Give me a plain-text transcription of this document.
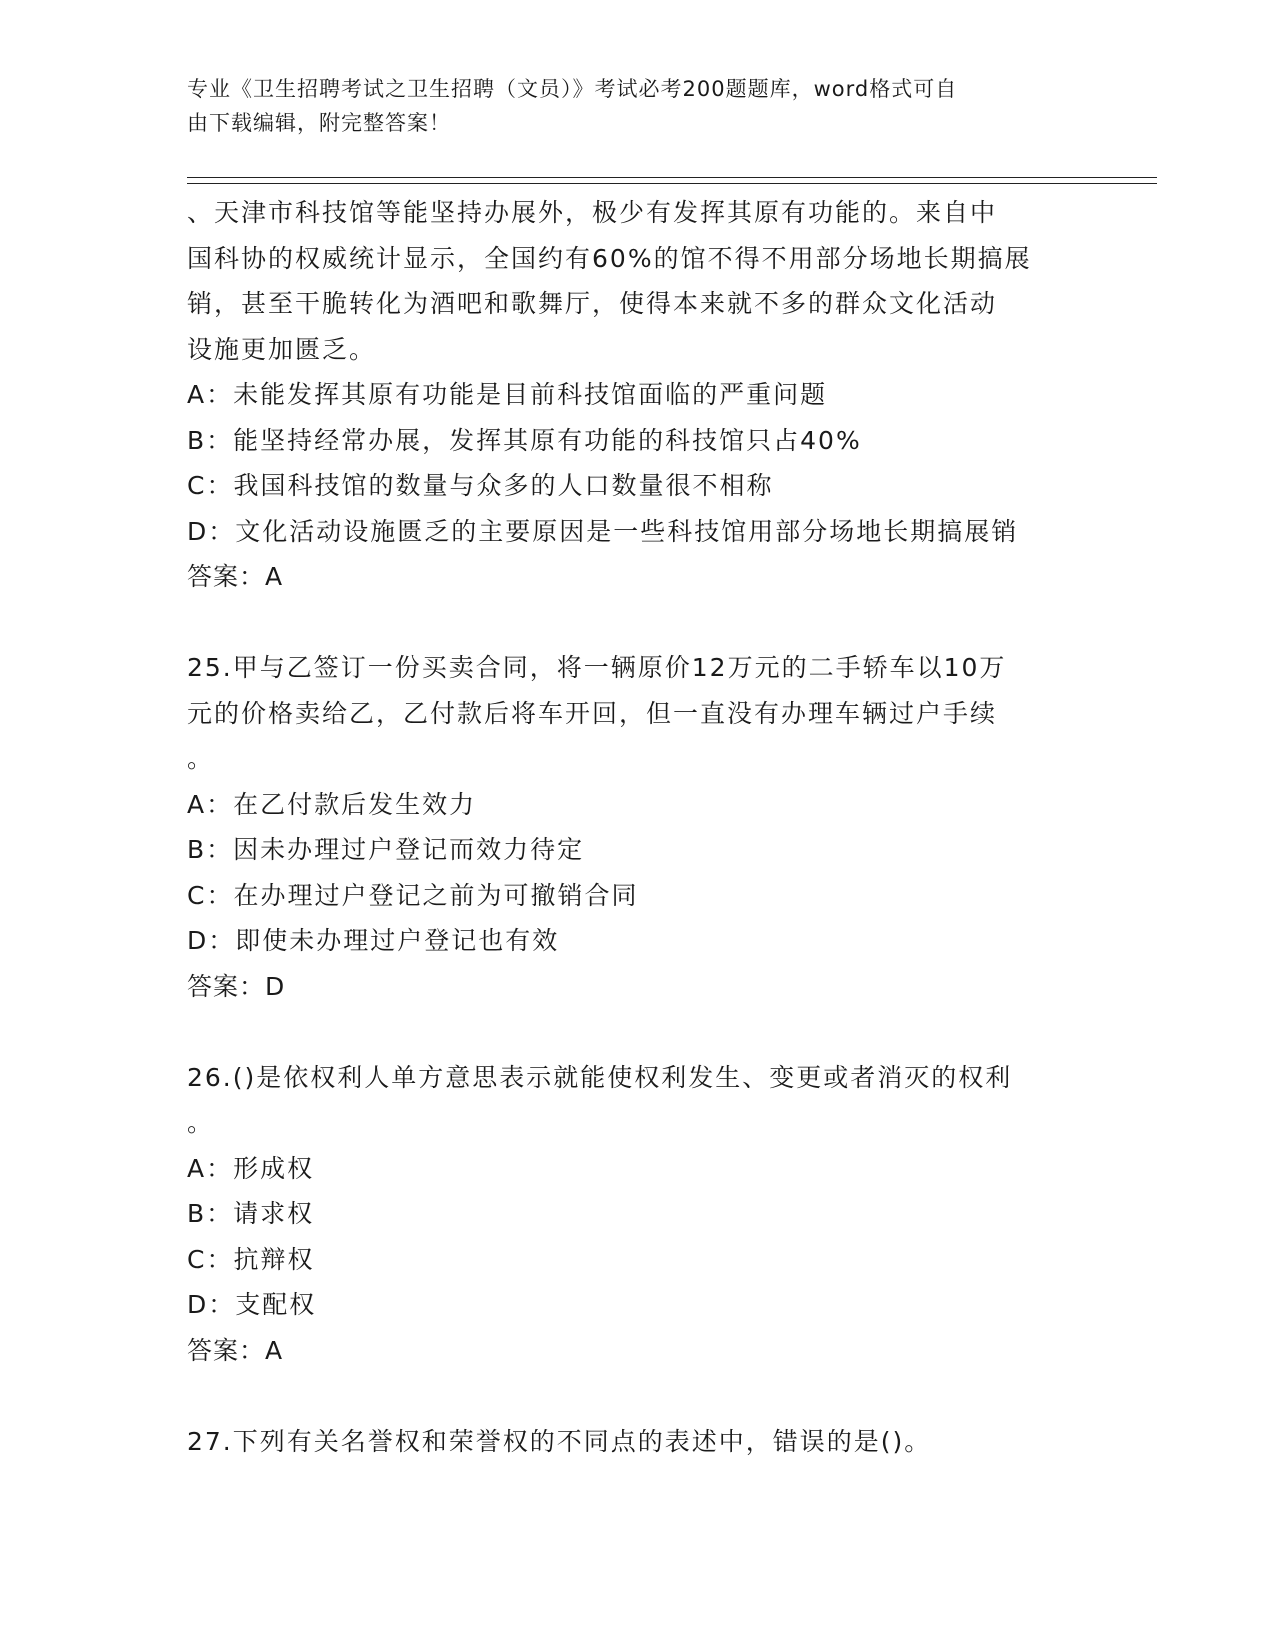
专业《卫生招聘考试之卫生招聘（文员）》考试必考200题题库，word格式可自
由下载编辑，附完整答案！
、天津市科技馆等能坚持办展外，极少有发挥其原有功能的。来自中
国科协的权威统计显示，全国约有60%的馆不得不用部分场地长期搞展
销，甚至干脆转化为酒吧和歌舞厅，使得本来就不多的群众文化活动
设施更加匮乏。
A：未能发挥其原有功能是目前科技馆面临的严重问题
B：能坚持经常办展，发挥其原有功能的科技馆只占40%
C：我国科技馆的数量与众多的人口数量很不相称
D：文化活动设施匮乏的主要原因是一些科技馆用部分场地长期搞展销
答案：A
25.甲与乙签订一份买卖合同，将一辆原价12万元的二手轿车以10万
元的价格卖给乙，乙付款后将车开回，但一直没有办理车辆过户手续
。
A：在乙付款后发生效力
B：因未办理过户登记而效力待定
C：在办理过户登记之前为可撤销合同
D：即使未办理过户登记也有效
答案：D
26.()是依权利人单方意思表示就能使权利发生、变更或者消灭的权利
。
A：形成权
B：请求权
C：抗辩权
D：支配权
答案：A
27.下列有关名誉权和荣誉权的不同点的表述中，错误的是()。
